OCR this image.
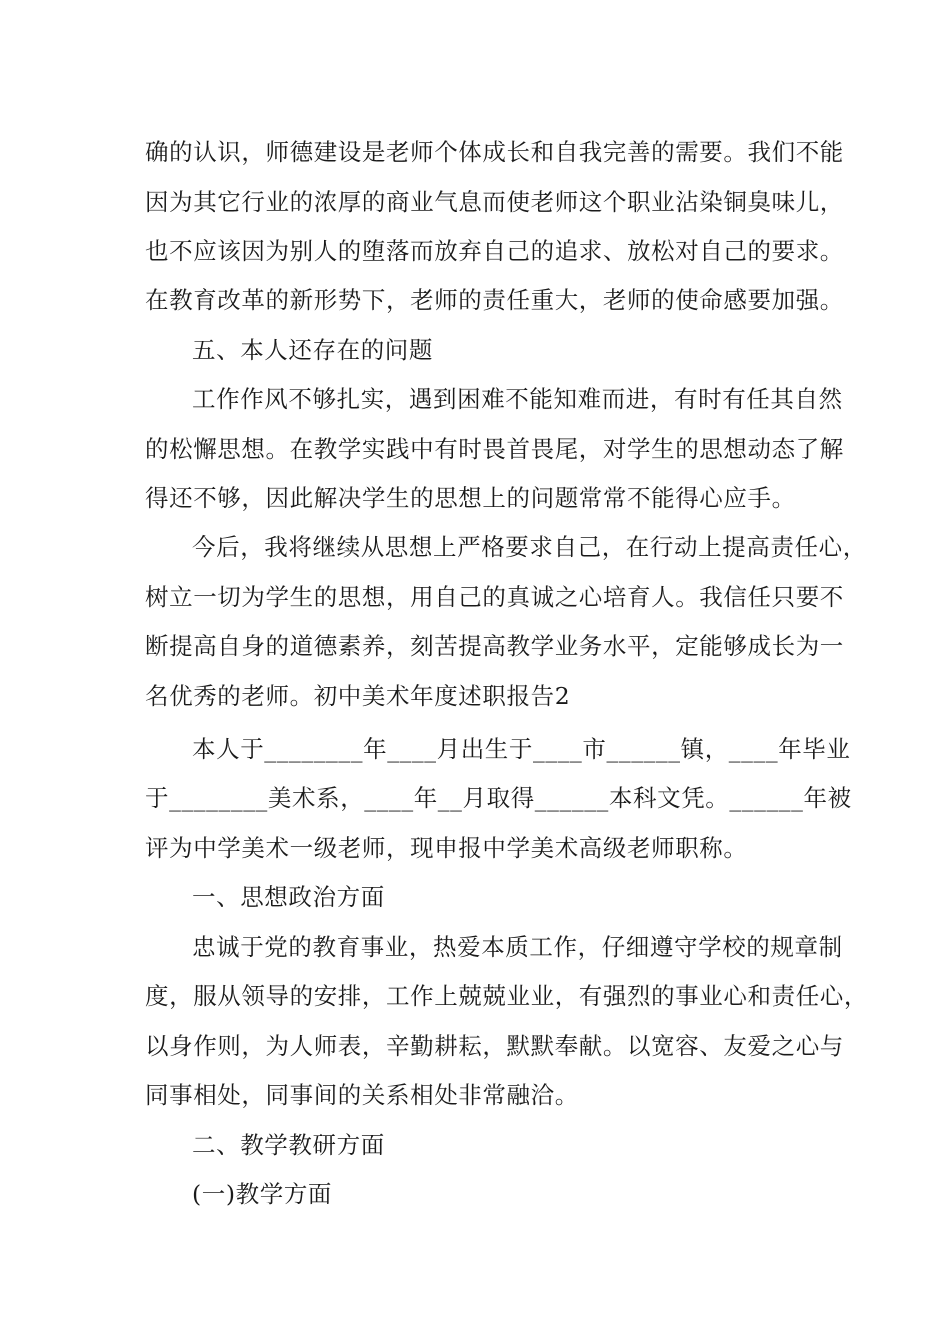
确的认识，师德建设是老师个体成长和自我完善的需要。我们不能
因为其它行业的浓厚的商业气息而使老师这个职业沾染铜臭味儿，
也不应该因为别人的堕落而放弃自己的追求、放松对自己的要求。
在教育改革的新形势下，老师的责任重大，老师的使命感要加强。
五、本人还存在的问题
工作作风不够扎实，遇到困难不能知难而进，有时有任其自然
的松懈思想。在教学实践中有时畏首畏尾，对学生的思想动态了解
得还不够，因此解决学生的思想上的问题常常不能得心应手。
今后，我将继续从思想上严格要求自己，在行动上提高责任心，
树立一切为学生的思想，用自己的真诚之心培育人。我信任只要不
断提高自身的道德素养，刻苦提高教学业务水平，定能够成长为一
名优秀的老师。初中美术年度述职报告2
本人于________年____月出生于____市______镇，____年毕业
于________美术系，____年__月取得______本科文凭。______年被
评为中学美术一级老师，现申报中学美术高级老师职称。
一、思想政治方面
忠诚于党的教育事业，热爱本质工作，仔细遵守学校的规章制
度，服从领导的安排，工作上兢兢业业，有强烈的事业心和责任心，
以身作则，为人师表，辛勤耕耘，默默奉献。以宽容、友爱之心与
同事相处，同事间的关系相处非常融洽。
二、教学教研方面
(一)教学方面
